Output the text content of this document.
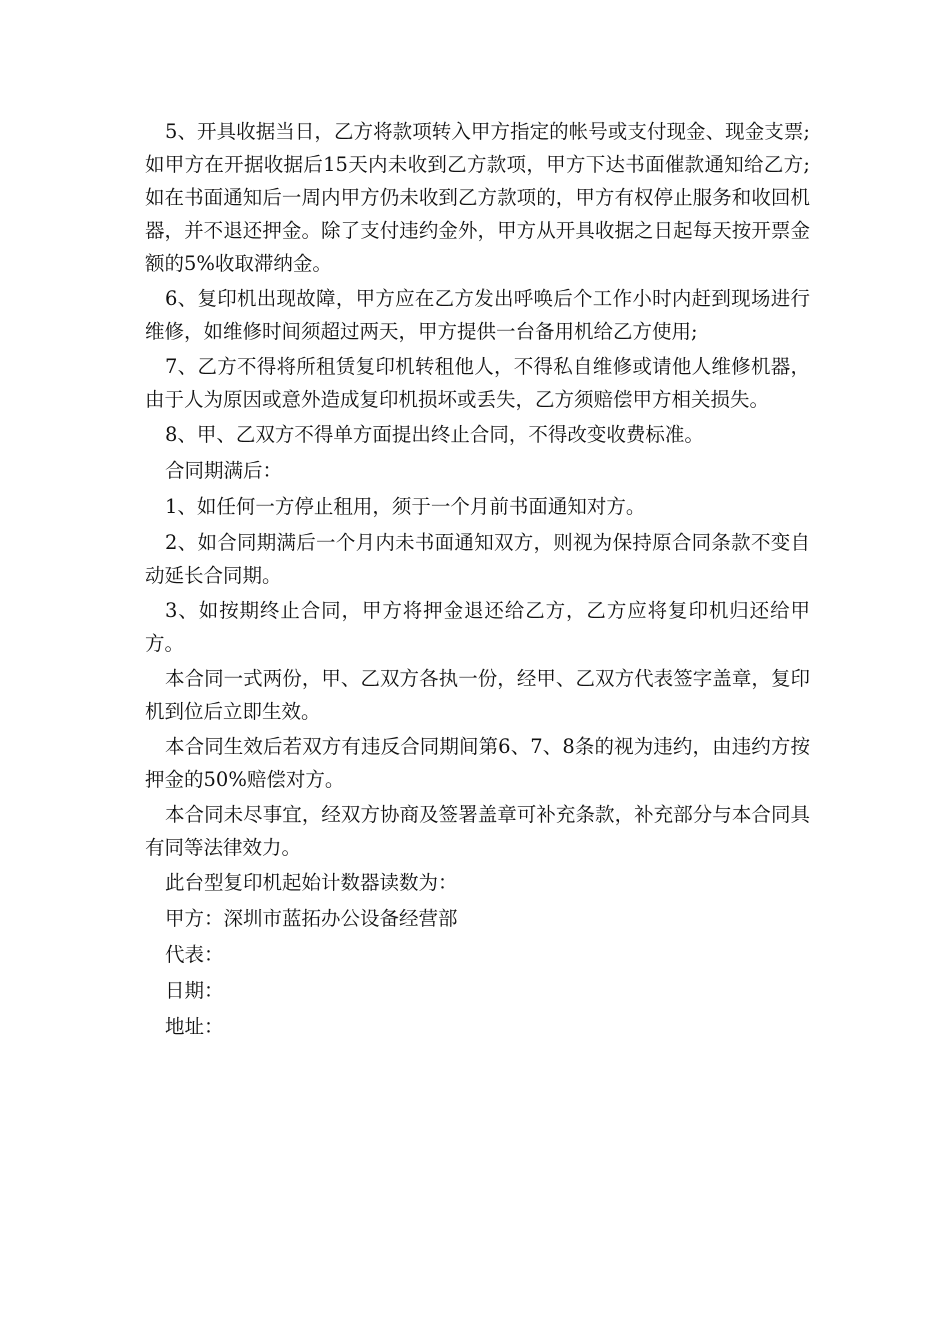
5、开具收据当日，乙方将款项转入甲方指定的帐号或支付现金、现金支票;如甲方在开据收据后15天内未收到乙方款项，甲方下达书面催款通知给乙方;如在书面通知后一周内甲方仍未收到乙方款项的，甲方有权停止服务和收回机器，并不退还押金。除了支付违约金外，甲方从开具收据之日起每天按开票金额的5%收取滞纳金。

6、复印机出现故障，甲方应在乙方发出呼唤后个工作小时内赶到现场进行维修，如维修时间须超过两天，甲方提供一台备用机给乙方使用;

7、乙方不得将所租赁复印机转租他人，不得私自维修或请他人维修机器，由于人为原因或意外造成复印机损坏或丢失，乙方须赔偿甲方相关损失。

8、甲、乙双方不得单方面提出终止合同，不得改变收费标准。

合同期满后：

1、如任何一方停止租用，须于一个月前书面通知对方。

2、如合同期满后一个月内未书面通知双方，则视为保持原合同条款不变自动延长合同期。

3、如按期终止合同，甲方将押金退还给乙方，乙方应将复印机归还给甲方。

本合同一式两份，甲、乙双方各执一份，经甲、乙双方代表签字盖章，复印机到位后立即生效。

本合同生效后若双方有违反合同期间第6、7、8条的视为违约，由违约方按押金的50%赔偿对方。

本合同未尽事宜，经双方协商及签署盖章可补充条款，补充部分与本合同具有同等法律效力。

此台型复印机起始计数器读数为：

甲方：深圳市蓝拓办公设备经营部

代表：

日期：

地址：
